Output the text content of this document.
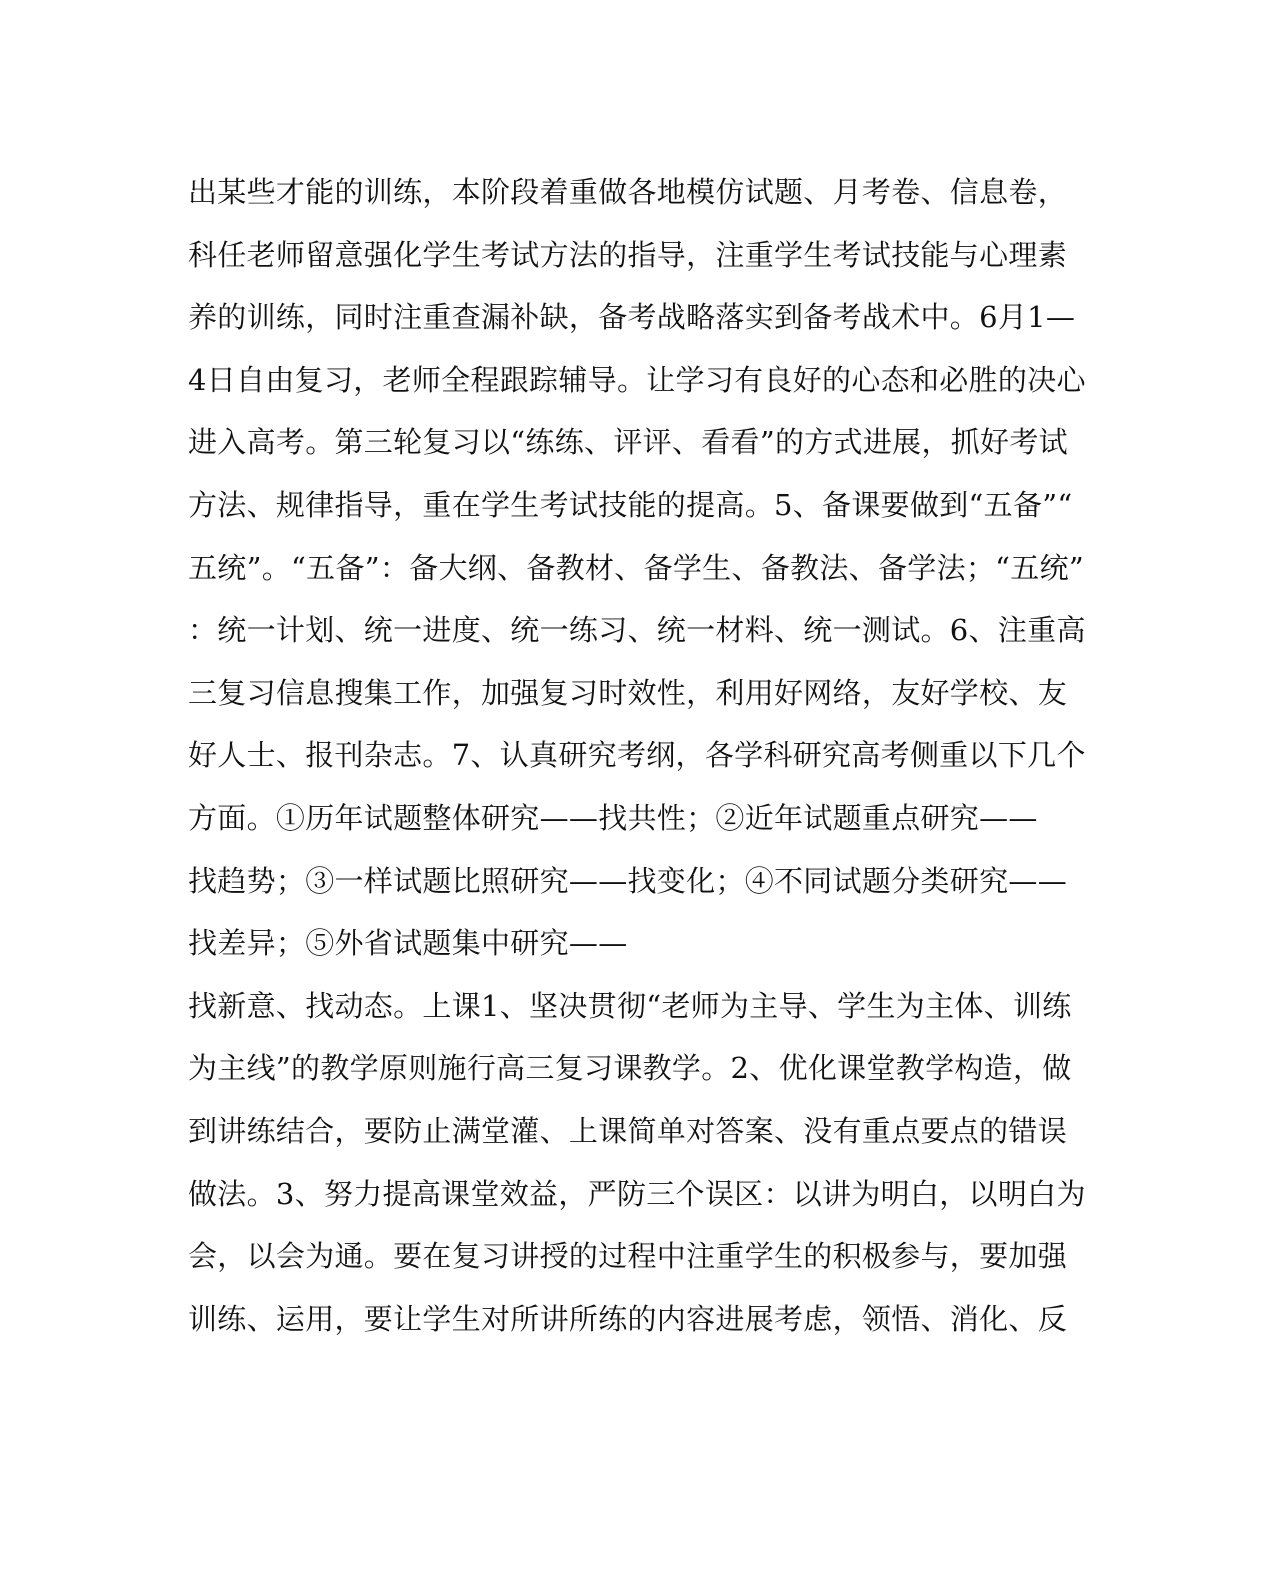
出某些才能的训练，本阶段着重做各地模仿试题、月考卷、信息卷，
科任老师留意强化学生考试方法的指导，注重学生考试技能与心理素
养的训练，同时注重查漏补缺，备考战略落实到备考战术中。6月1—
4日自由复习，老师全程跟踪辅导。让学习有良好的心态和必胜的决心
进入高考。第三轮复习以“练练、评评、看看”的方式进展，抓好考试
方法、规律指导，重在学生考试技能的提高。5、备课要做到“五备”“
五统”。“五备”：备大纲、备教材、备学生、备教法、备学法；“五统”
：统一计划、统一进度、统一练习、统一材料、统一测试。6、注重高
三复习信息搜集工作，加强复习时效性，利用好网络，友好学校、友
好人士、报刊杂志。7、认真研究考纲，各学科研究高考侧重以下几个
方面。①历年试题整体研究——找共性；②近年试题重点研究——
找趋势；③一样试题比照研究——找变化；④不同试题分类研究——
找差异；⑤外省试题集中研究——
找新意、找动态。上课1、坚决贯彻“老师为主导、学生为主体、训练
为主线”的教学原则施行高三复习课教学。2、优化课堂教学构造，做
到讲练结合，要防止满堂灌、上课简单对答案、没有重点要点的错误
做法。3、努力提高课堂效益，严防三个误区：以讲为明白，以明白为
会，以会为通。要在复习讲授的过程中注重学生的积极参与，要加强
训练、运用，要让学生对所讲所练的内容进展考虑，领悟、消化、反
